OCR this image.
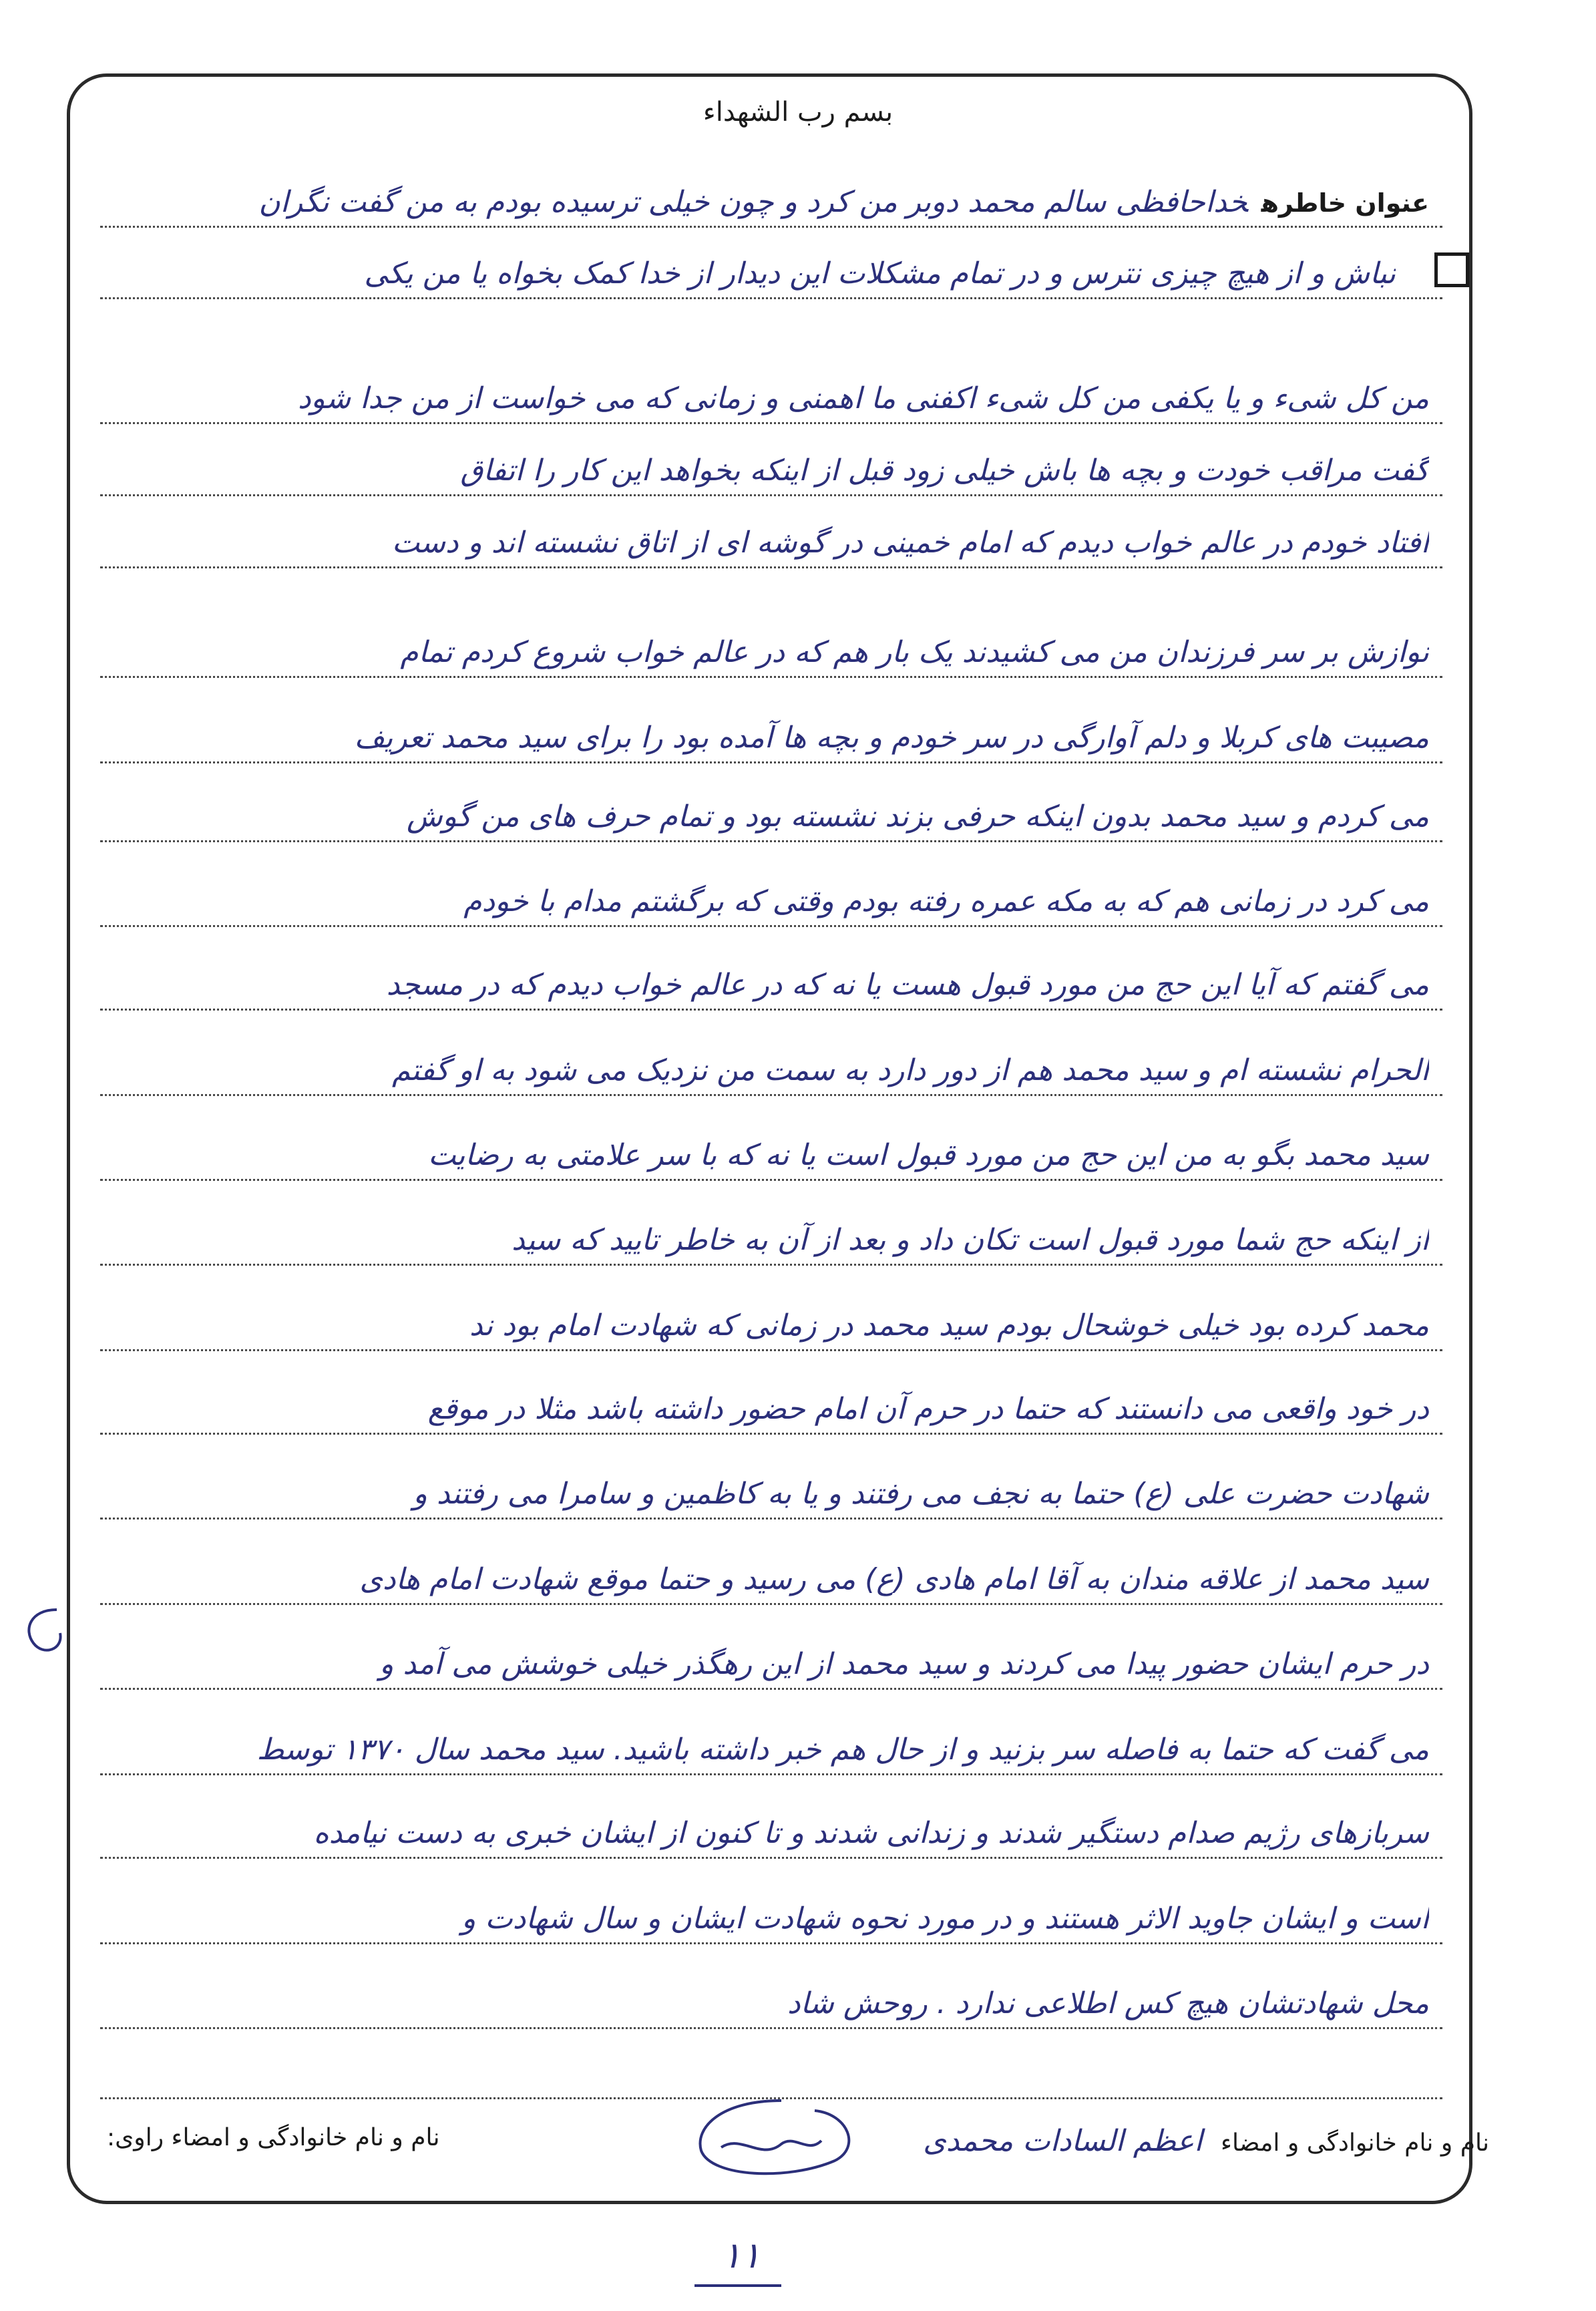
بسم رب الشهداء
عنوان خاطرهخداحافظی سالم محمد دوبر من کرد و چون خیلی ترسیده بودم به من گفت نگران
نباش و از هیچ چیزی نترس و در تمام مشکلات این دیدار از خدا کمک بخواه یا من یکی
من کل شیء و یا یکفی من کل شیء اکفنی ما اهمنی و زمانی که می خواست از من جدا شود
گفت مراقب خودت و بچه ها باش خیلی زود قبل از اینکه بخواهد این کار را اتفاق
افتاد خودم در عالم خواب دیدم که امام خمینی در گوشه ای از اتاق نشسته اند و دست
نوازش بر سر فرزندان من می کشیدند یک بار هم که در عالم خواب شروع کردم تمام
مصیبت های کربلا و دلم آوارگی در سر خودم و بچه ها آمده بود را برای سید محمد تعریف
می کردم و سید محمد بدون اینکه حرفی بزند نشسته بود و تمام حرف های من گوش
می کرد در زمانی هم که به مکه عمره رفته بودم وقتی که برگشتم مدام با خودم
می گفتم که آیا این حج من مورد قبول هست یا نه که در عالم خواب دیدم که در مسجد
الحرام نشسته ام و سید محمد هم از دور دارد به سمت من نزدیک می شود به او گفتم
سید محمد بگو به من این حج من مورد قبول است یا نه که با سر علامتی به رضایت
از اینکه حج شما مورد قبول است تکان داد و بعد از آن به خاطر تایید که سید
محمد کرده بود خیلی خوشحال بودم سید محمد در زمانی که شهادت امام بود ند
در خود واقعی می دانستند که حتما در حرم آن امام حضور داشته باشد مثلا در موقع
شهادت حضرت علی (ع) حتما به نجف می رفتند و یا به کاظمین و سامرا می رفتند و
سید محمد از علاقه مندان به آقا امام هادی (ع) می رسید و حتما موقع شهادت امام هادی
در حرم ایشان حضور پیدا می کردند و سید محمد از این رهگذر خیلی خوشش می آمد و
می گفت که حتما به فاصله سر بزنید و از حال هم خبر داشته باشید. سید محمد سال ۱۳۷۰ توسط
سربازهای رژیم صدام دستگیر شدند و زندانی شدند و تا کنون از ایشان خبری به دست نیامده
است و ایشان جاوید الاثر هستند و در مورد نحوه شهادت ایشان و سال شهادت و
محل شهادتشان هیچ کس اطلاعی ندارد . روحش شاد
نام و نام خانوادگی و امضاء اعظم السادات محمدی
نام و نام خانوادگی و امضاء راوی:
۱۱
